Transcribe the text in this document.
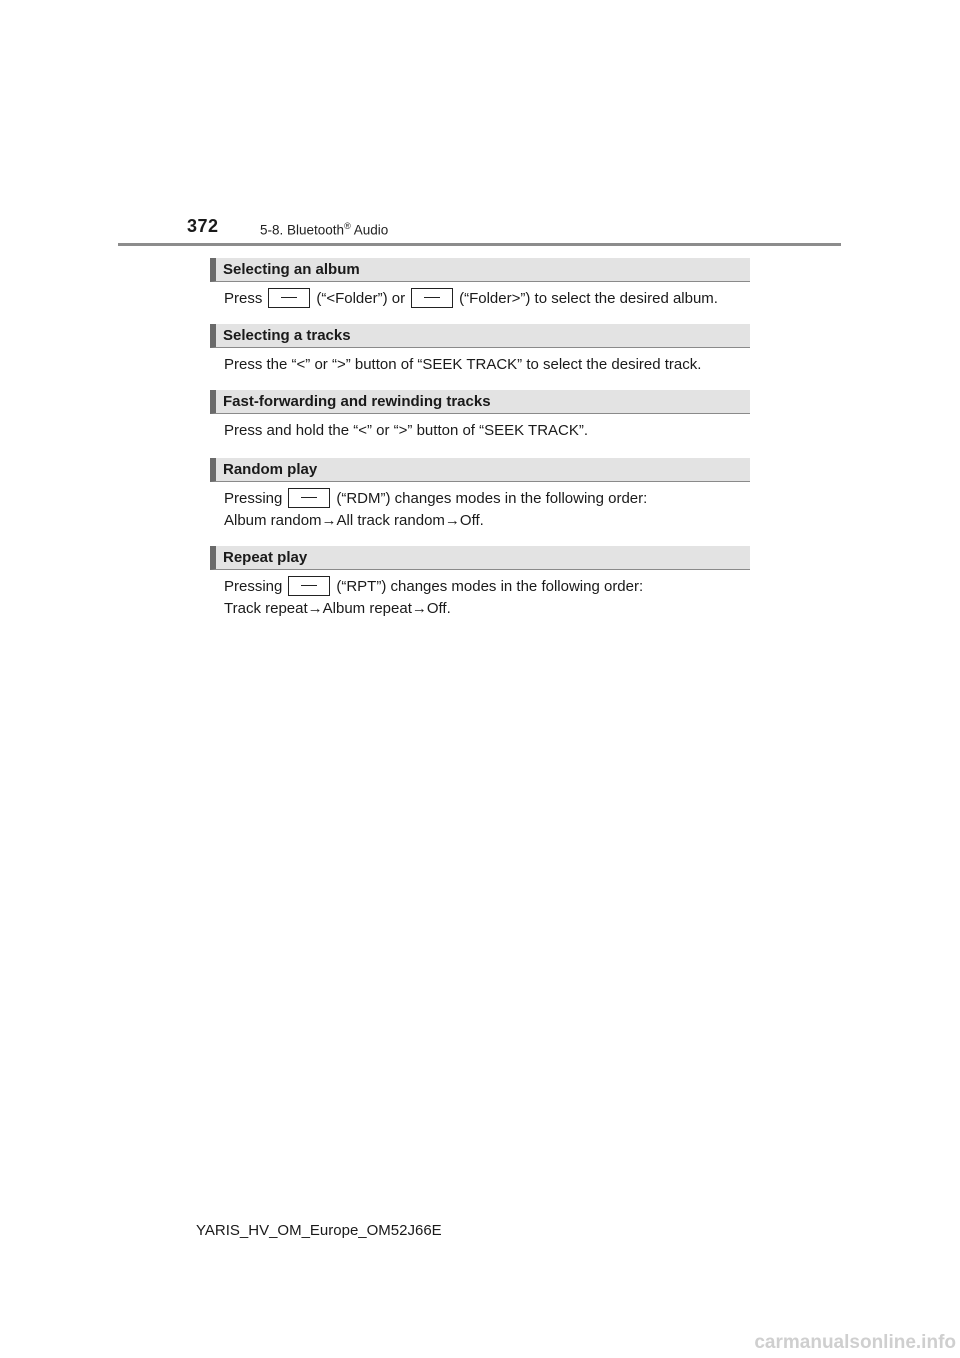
372	5-8. Bluetooth® Audio
Selecting an album

Press	(“<Folder”) or	(“Folder>”) to select the desired album.

Selecting a tracks

Press the “<” or “>” button of “SEEK TRACK” to select the desired track.

Fast-forwarding and rewinding tracks

Press and hold the “<” or “>” button of “SEEK TRACK”.

Random play

Pressing	(“RDM”) changes modes in the following order:
Album random→All track random→Off.

Repeat play

Pressing	(“RPT”) changes modes in the following order:
Track repeat→Album repeat→Off.

YARIS_HV_OM_Europe_OM52J66E
carmanualsonline.info
